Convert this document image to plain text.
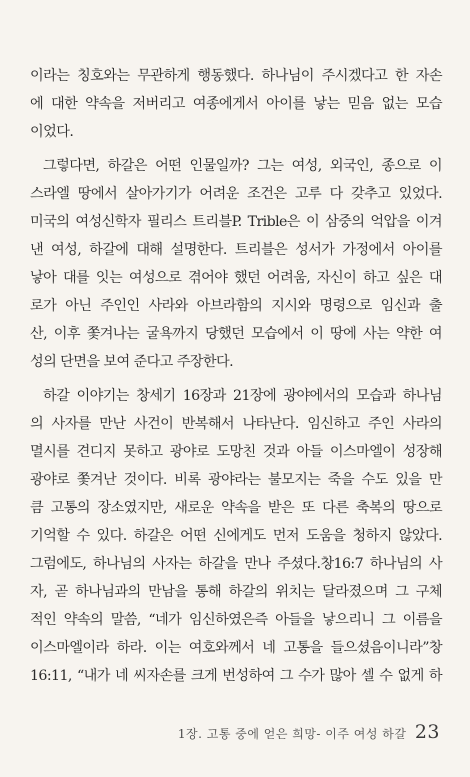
이라는 칭호와는 무관하게 행동했다. 하나님이 주시겠다고 한 자손
에 대한 약속을 저버리고 여종에게서 아이를 낳는 믿음 없는 모습
이었다.
그렇다면, 하갈은 어떤 인물일까? 그는 여성, 외국인, 종으로 이
스라엘 땅에서 살아가기가 어려운 조건은 고루 다 갖추고 있었다.
미국의 여성신학자 필리스 트리블P. Trible은 이 삼중의 억압을 이겨
낸 여성, 하갈에 대해 설명한다. 트리블은 성서가 가정에서 아이를
낳아 대를 잇는 여성으로 겪어야 했던 어려움, 자신이 하고 싶은 대
로가 아닌 주인인 사라와 아브라함의 지시와 명령으로 임신과 출
산, 이후 쫓겨나는 굴욕까지 당했던 모습에서 이 땅에 사는 약한 여
성의 단면을 보여 준다고 주장한다.
하갈 이야기는 창세기 16장과 21장에 광야에서의 모습과 하나님
의 사자를 만난 사건이 반복해서 나타난다. 임신하고 주인 사라의
멸시를 견디지 못하고 광야로 도망친 것과 아들 이스마엘이 성장해
광야로 쫓겨난 것이다. 비록 광야라는 불모지는 죽을 수도 있을 만
큼 고통의 장소였지만, 새로운 약속을 받은 또 다른 축복의 땅으로
기억할 수 있다. 하갈은 어떤 신에게도 먼저 도움을 청하지 않았다.
그럼에도, 하나님의 사자는 하갈을 만나 주셨다.창16:7 하나님의 사
자, 곧 하나님과의 만남을 통해 하갈의 위치는 달라졌으며 그 구체
적인 약속의 말씀, “네가 임신하였은즉 아들을 낳으리니 그 이름을
이스마엘이라 하라. 이는 여호와께서 네 고통을 들으셨음이니라”창
16:11, “내가 네 씨자손를 크게 번성하여 그 수가 많아 셀 수 없게 하
1장. 고통 중에 얻은 희망- 이주 여성 하갈 23
